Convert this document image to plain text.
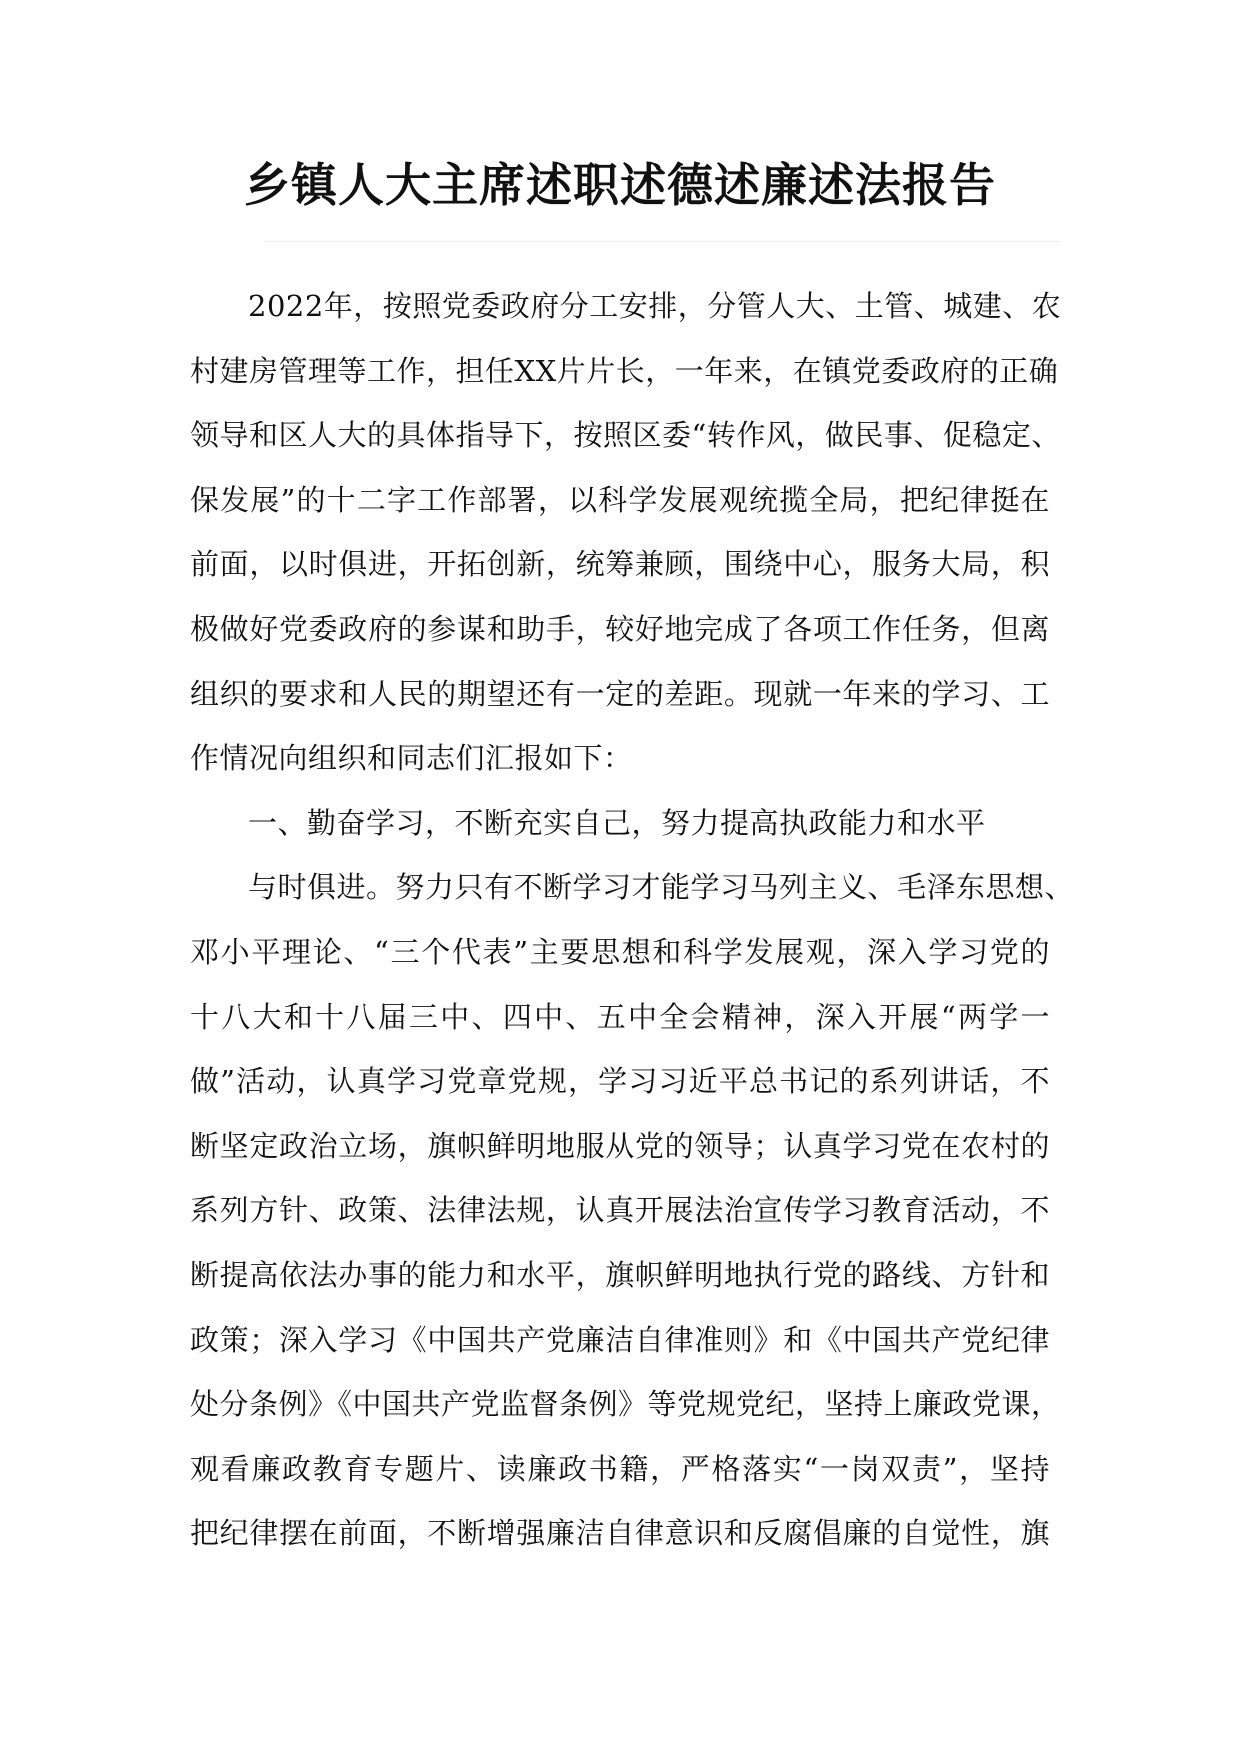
乡镇人大主席述职述德述廉述法报告
2022年，按照党委政府分工安排，分管人大、土管、城建、农
村建房管理等工作，担任XX片片长，一年来，在镇党委政府的正确
领导和区人大的具体指导下，按照区委“转作风，做民事、促稳定、
保发展”的十二字工作部署，以科学发展观统揽全局，把纪律挺在
前面，以时俱进，开拓创新，统筹兼顾，围绕中心，服务大局，积
极做好党委政府的参谋和助手，较好地完成了各项工作任务，但离
组织的要求和人民的期望还有一定的差距。现就一年来的学习、工
作情况向组织和同志们汇报如下：
一、勤奋学习，不断充实自己，努力提高执政能力和水平
与时俱进。努力只有不断学习才能学习马列主义、毛泽东思想、
邓小平理论、“三个代表”主要思想和科学发展观，深入学习党的
十八大和十八届三中、四中、五中全会精神，深入开展“两学一
做”活动，认真学习党章党规，学习习近平总书记的系列讲话，不
断坚定政治立场，旗帜鲜明地服从党的领导；认真学习党在农村的
系列方针、政策、法律法规，认真开展法治宣传学习教育活动，不
断提高依法办事的能力和水平，旗帜鲜明地执行党的路线、方针和
政策；深入学习《中国共产党廉洁自律准则》和《中国共产党纪律
处分条例》《中国共产党监督条例》等党规党纪，坚持上廉政党课，
观看廉政教育专题片、读廉政书籍，严格落实“一岗双责”，坚持
把纪律摆在前面，不断增强廉洁自律意识和反腐倡廉的自觉性，旗
